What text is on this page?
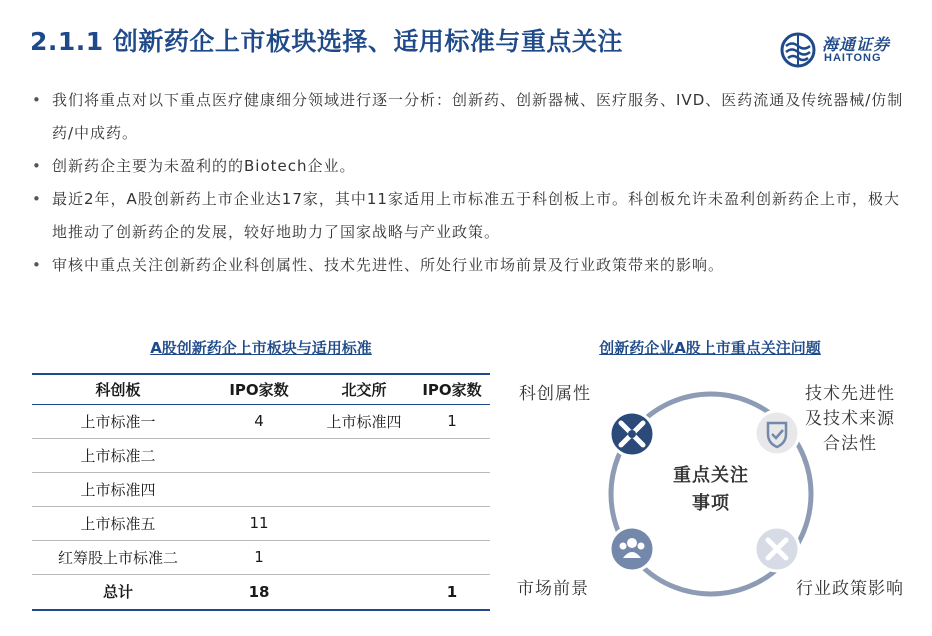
2.1.1 创新药企上市板块选择、适用标准与重点关注	海通证券
HAITONG
• 我们将重点对以下重点医疗健康细分领域进行逐一分析：创新药、创新器械、医疗服务、IVD、医药流通及传统器械/仿制药/中成药。
• 创新药企主要为未盈利的的Biotech企业。
• 最近2年，A股创新药上市企业达17家，其中11家适用上市标准五于科创板上市。科创板允许未盈利创新药企上市，极大地推动了创新药企的发展，较好地助力了国家战略与产业政策。
• 审核中重点关注创新药企业科创属性、技术先进性、所处行业市场前景及行业政策带来的影响。
A股创新药企上市板块与适用标准
科创板	IPO家数	北交所	IPO家数
上市标准一	4	上市标准四	1
上市标准二			
上市标准四			
上市标准五	11		
红筹股上市标准二	1		
总计	18		1
创新药企业A股上市重点关注问题
重点关注
事项
科创属性	技术先进性
及技术来源
合法性
市场前景	行业政策影响
